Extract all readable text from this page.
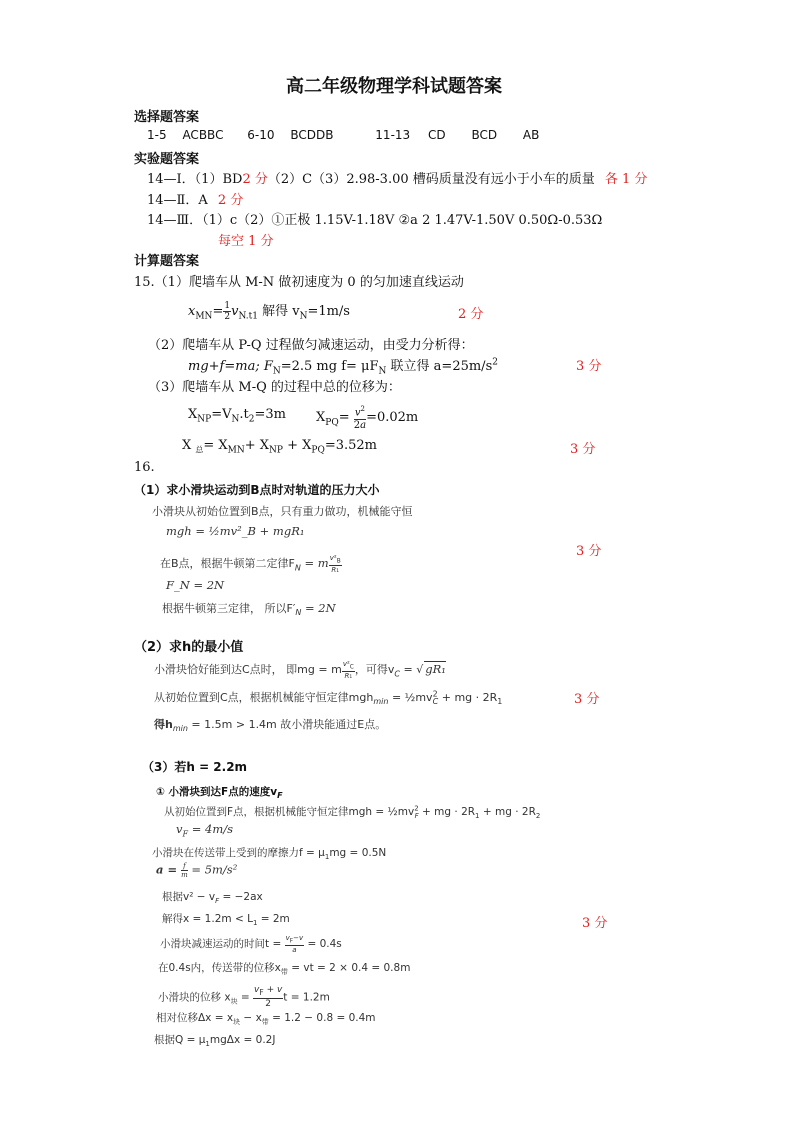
高二年级物理学科试题答案
选择题答案
1-5 ACBBC 6-10 BCDDB	11-13 CD BCD AB
实验题答案
14—Ⅰ．（1）BD2 分（2）C（3）2.98-3.00 槽码质量没有远小于小车的质量 各 1 分
14—Ⅱ．A 2 分
14—Ⅲ．（1）c（2）①正极 1.15V-1.18V ②a 2 1.47V-1.50V 0.50Ω-0.53Ω
每空 1 分
计算题答案
15.（1）爬墙车从 M-N 做初速度为 0 的匀加速直线运动
$x_{MN}= \frac{1}{2} v_{N.t1}$ 解得 $v_N=1m/s$	2 分
（2）爬墙车从 P-Q 过程做匀减速运动，由受力分析得：
mg+f=ma; $F_N=2.5$ mg $f= \mu F_N$ 联立得 $a=25m/s^2$	3 分
（3）爬墙车从 M-Q 的过程中总的位移为：
$X_{NP}=V_N.t_2=3m$ $X_{PQ}= \frac{v^2}{2a} =0.02m$
X $_总= X_{MN}+ X_{NP} + X_{PQ}=3.52m$	3 分
16.
（1）求小滑块运动到B点时对轨道的压力大小
小滑块从初始位置到B点，只有重力做功，机械能守恒
mgh = ½mv²_B + mgR₁
在B点，根据牛顿第二定律$F_N = m \frac{v^2_B}{\text{R₁}}$
F_N = 2N
根据牛顿第三定律， 所以$F'_N = 2N$
3 分
（2）求h的最小值
小滑块恰好能到达C点时， 即mg = m $\frac{v^2_C}{\text{R₁}}$ ，可得$v_C$ = √ gR₁
从初始位置到C点，根据机械能守恒定律$mgh_{min} = \frac{1}{2}mv^2_C$ + mg · $2R_1$
得$h_{min} = 1.5m > 1.4m$ 故小滑块能通过E点。
3 分
（3）若h = 2.2m
① 小滑块到达F点的速度$v_F$
从初始位置到F点，根据机械能守恒定律mgh = $\frac{1}{2}mv^2_F$ + mg · $2R_1$ + mg · $2R_2$
$v_F = 4m/s$
小滑块在传送带上受到的摩擦力$f = \mu_1mg = 0.5N$
$a = \frac{f}{m} = 5m/s^2$
根据$v^2 - v_F = -2ax$
解得$x = 1.2m < L_1 = 2m$	3 分
小滑块减速运动的时间$t = \frac{v_F-v}{a} = 0.4s$
在0.4s内，传送带的位移$x_带$ = vt = 2 × 0.4 = 0.8m
小滑块的位移 $x_块 = \frac{v_F + v}{2}$ t = 1.2m
相对位移$\Delta x = x_块 - x_带 = 1.2 - 0.8 = 0.4m$
根据$Q = \mu_1mg\Delta x = 0.2J$
